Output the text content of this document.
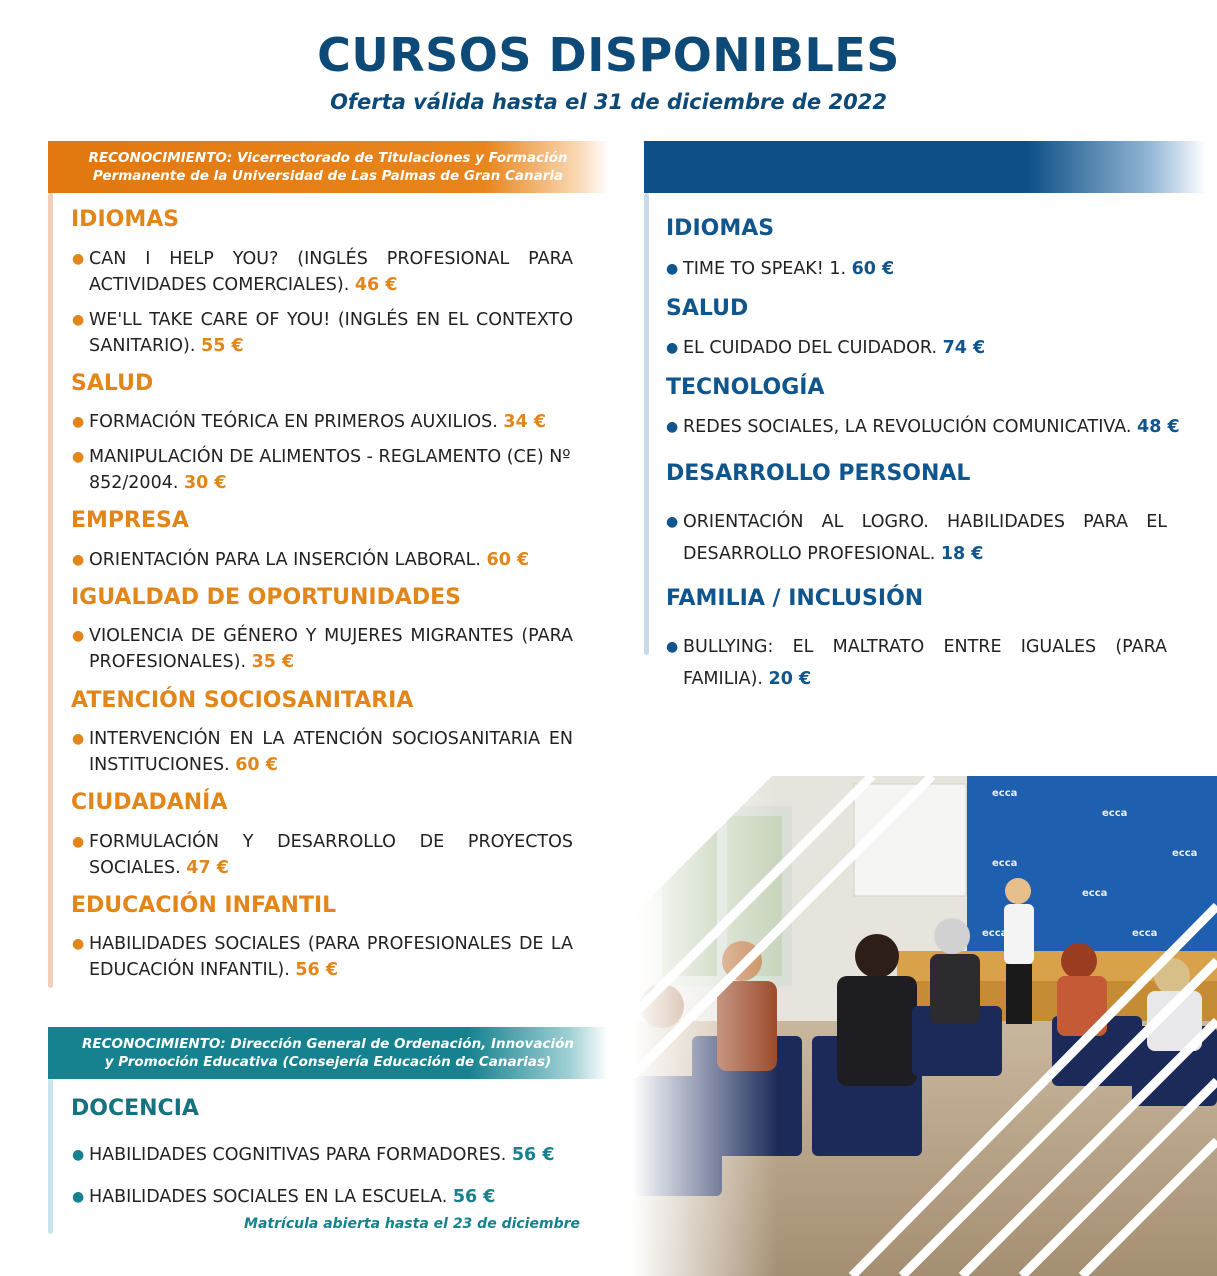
CURSOS DISPONIBLES
Oferta válida hasta el 31 de diciembre de 2022
RECONOCIMIENTO: Vicerrectorado de Titulaciones y Formación
Permanente de la Universidad de Las Palmas de Gran Canaria
IDIOMAS
● CAN I HELP YOU? (INGLÉS PROFESIONAL PARA ACTIVIDADES COMERCIALES). 46 €
● WE'LL TAKE CARE OF YOU! (INGLÉS EN EL CONTEXTO SANITARIO). 55 €
SALUD
● FORMACIÓN TEÓRICA EN PRIMEROS AUXILIOS. 34 €
● MANIPULACIÓN DE ALIMENTOS - REGLAMENTO (CE) Nº 852/2004. 30 €
EMPRESA
● ORIENTACIÓN PARA LA INSERCIÓN LABORAL. 60 €
IGUALDAD DE OPORTUNIDADES
● VIOLENCIA DE GÉNERO Y MUJERES MIGRANTES (PARA PROFESIONALES). 35 €
ATENCIÓN SOCIOSANITARIA
● INTERVENCIÓN EN LA ATENCIÓN SOCIOSANITARIA EN INSTITUCIONES. 60 €
CIUDADANÍA
● FORMULACIÓN Y DESARROLLO DE PROYECTOS SOCIALES. 47 €
EDUCACIÓN INFANTIL
● HABILIDADES SOCIALES (PARA PROFESIONALES DE LA EDUCACIÓN INFANTIL). 56 €
IDIOMAS
● TIME TO SPEAK! 1. 60 €
SALUD
● EL CUIDADO DEL CUIDADOR. 74 €
TECNOLOGÍA
● REDES SOCIALES, LA REVOLUCIÓN COMUNICATIVA. 48 €
DESARROLLO PERSONAL
● ORIENTACIÓN AL LOGRO. HABILIDADES PARA EL DESARROLLO PROFESIONAL. 18 €
FAMILIA / INCLUSIÓN
● BULLYING: EL MALTRATO ENTRE IGUALES (PARA FAMILIA). 20 €
RECONOCIMIENTO: Dirección General de Ordenación, Innovación
y Promoción Educativa (Consejería Educación de Canarias)
DOCENCIA
● HABILIDADES COGNITIVAS PARA FORMADORES. 56 €
● HABILIDADES SOCIALES EN LA ESCUELA. 56 €
Matrícula abierta hasta el 23 de diciembre
